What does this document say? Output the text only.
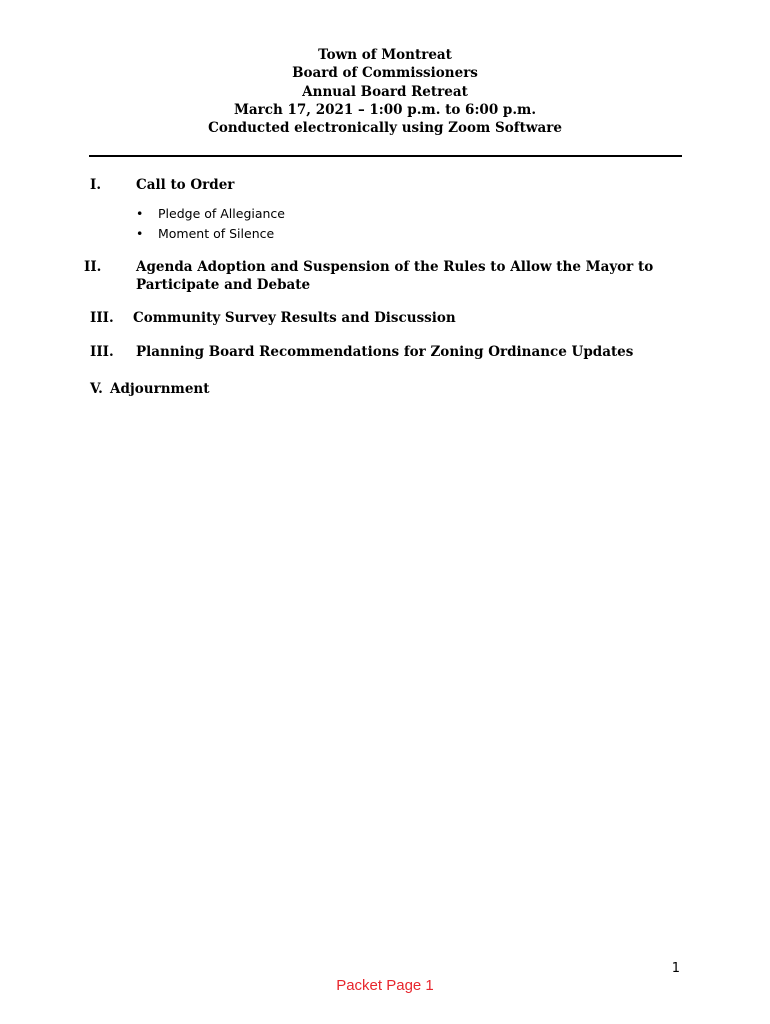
Town of Montreat
Board of Commissioners
Annual Board Retreat
March 17, 2021 – 1:00 p.m. to 6:00 p.m.
Conducted electronically using Zoom Software
I.	Call to Order
• Pledge of Allegiance
• Moment of Silence
II.	Agenda Adoption and Suspension of the Rules to Allow the Mayor to Participate and Debate
III. Community Survey Results and Discussion
III. Planning Board Recommendations for Zoning Ordinance Updates
V. Adjournment
1
Packet Page 1
